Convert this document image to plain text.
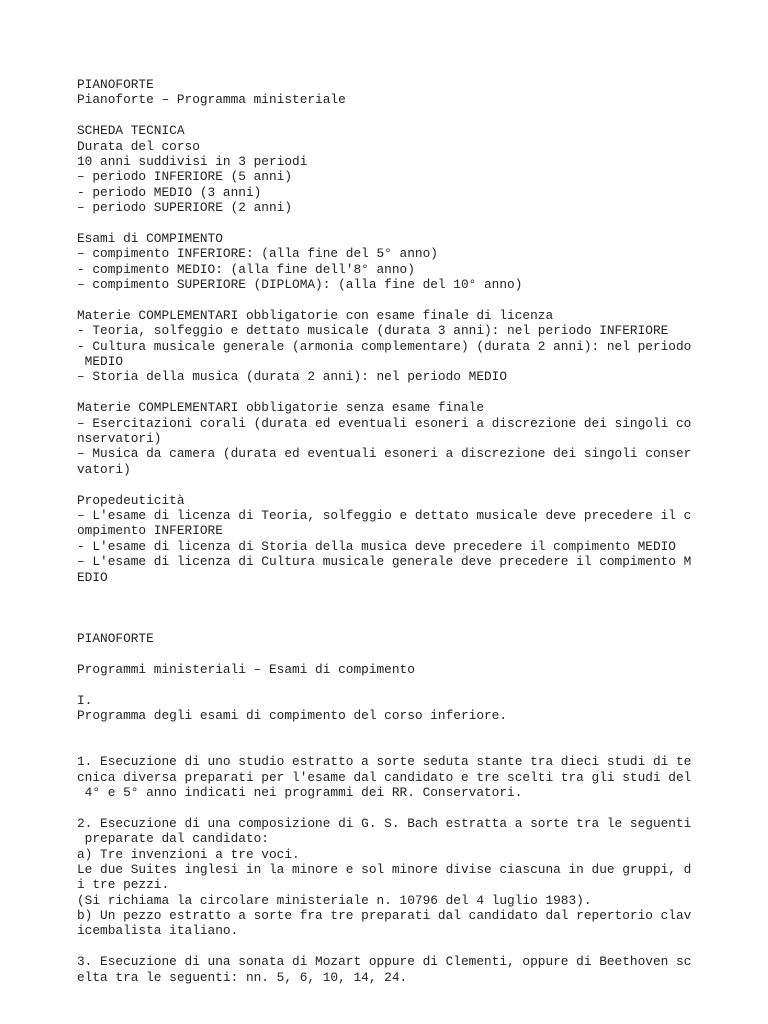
PIANOFORTE
Pianoforte – Programma ministeriale
SCHEDA TECNICA
Durata del corso
10 anni suddivisi in 3 periodi
– periodo INFERIORE (5 anni)
- periodo MEDIO (3 anni)
– periodo SUPERIORE (2 anni)
Esami di COMPIMENTO
– compimento INFERIORE: (alla fine del 5° anno)
- compimento MEDIO: (alla fine dell'8° anno)
– compimento SUPERIORE (DIPLOMA): (alla fine del 10° anno)
Materie COMPLEMENTARI obbligatorie con esame finale di licenza
- Teoria, solfeggio e dettato musicale (durata 3 anni): nel periodo INFERIORE
- Cultura musicale generale (armonia complementare) (durata 2 anni): nel periodo
MEDIO
– Storia della musica (durata 2 anni): nel periodo MEDIO
Materie COMPLEMENTARI obbligatorie senza esame finale
– Esercitazioni corali (durata ed eventuali esoneri a discrezione dei singoli co
nservatori)
– Musica da camera (durata ed eventuali esoneri a discrezione dei singoli conser
vatori)
Propedeuticità
– L'esame di licenza di Teoria, solfeggio e dettato musicale deve precedere il c
ompimento INFERIORE
- L'esame di licenza di Storia della musica deve precedere il compimento MEDIO
– L'esame di licenza di Cultura musicale generale deve precedere il compimento M
EDIO
PIANOFORTE
Programmi ministeriali – Esami di compimento
I.
Programma degli esami di compimento del corso inferiore.
1. Esecuzione di uno studio estratto a sorte seduta stante tra dieci studi di te
cnica diversa preparati per l'esame dal candidato e tre scelti tra gli studi del
4° e 5° anno indicati nei programmi dei RR. Conservatori.
2. Esecuzione di una composizione di G. S. Bach estratta a sorte tra le seguenti
preparate dal candidato:
a) Tre invenzioni a tre voci.
Le due Suites inglesi in la minore e sol minore divise ciascuna in due gruppi, d
i tre pezzi.
(Si richiama la circolare ministeriale n. 10796 del 4 luglio 1983).
b) Un pezzo estratto a sorte fra tre preparati dal candidato dal repertorio clav
icembalista italiano.
3. Esecuzione di una sonata di Mozart oppure di Clementi, oppure di Beethoven sc
elta tra le seguenti: nn. 5, 6, 10, 14, 24.
